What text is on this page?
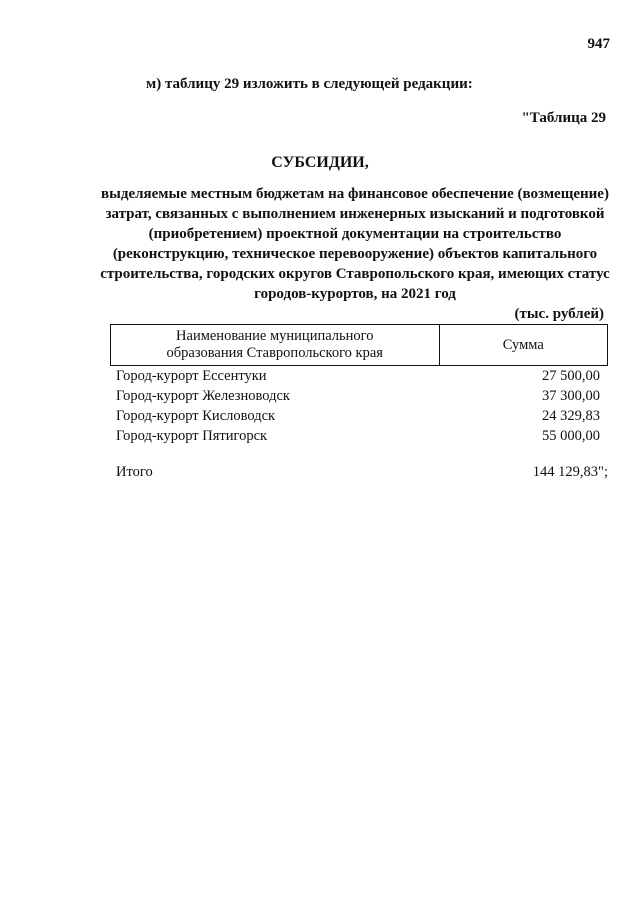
947
м) таблицу 29 изложить в следующей редакции:
"Таблица 29
СУБСИДИИ,
выделяемые местным бюджетам на финансовое обеспечение (возмещение)
затрат, связанных с выполнением инженерных изысканий и подготовкой
(приобретением) проектной документации на строительство
(реконструкцию, техническое перевооружение) объектов капитального
строительства, городских округов Ставропольского края, имеющих статус
городов-курортов, на 2021 год
(тыс. рублей)
Наименование муниципального
образования Ставропольского края
	Сумма
Город-курорт Ессентуки	27 500,00
Город-курорт Железноводск	37 300,00
Город-курорт Кисловодск	24 329,83
Город-курорт Пятигорск	55 000,00
Итого	144 129,83";
